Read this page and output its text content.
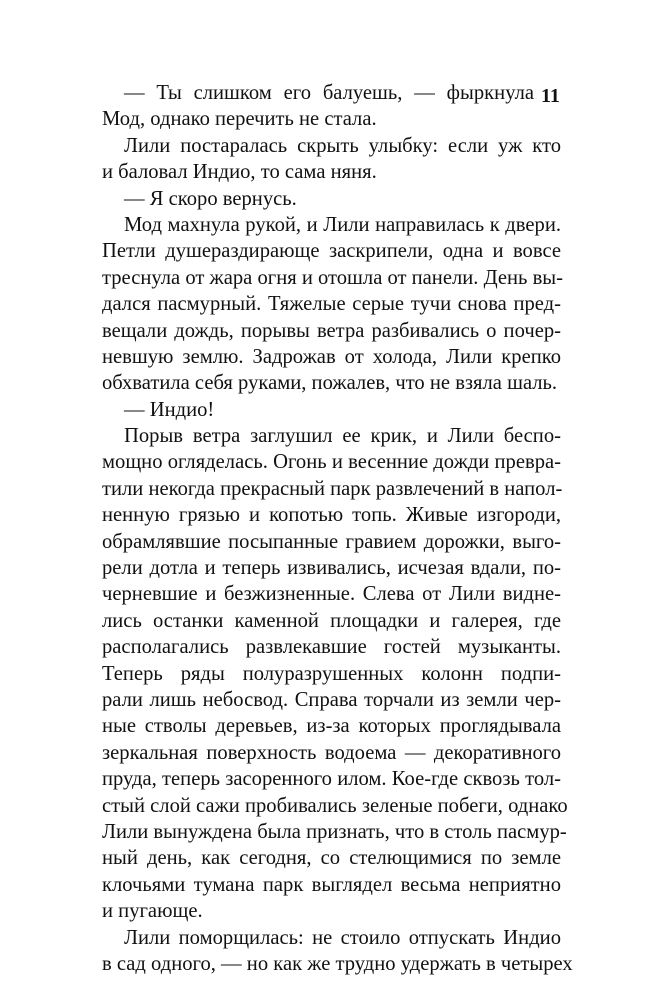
11
— Ты слишком его балуешь, — фыркнула
Мод, однако перечить не стала.
Лили постаралась скрыть улыбку: если уж кто
и баловал Индио, то сама няня.
— Я скоро вернусь.
Мод махнула рукой, и Лили направилась к двери.
Петли душераздирающе заскрипели, одна и вовсе
треснула от жара огня и отошла от панели. День вы-
дался пасмурный. Тяжелые серые тучи снова пред-
вещали дождь, порывы ветра разбивались о почер-
невшую землю. Задрожав от холода, Лили крепко
обхватила себя руками, пожалев, что не взяла шаль.
— Индио!
Порыв ветра заглушил ее крик, и Лили беспо-
мощно огляделась. Огонь и весенние дожди превра-
тили некогда прекрасный парк развлечений в напол-
ненную грязью и копотью топь. Живые изгороди,
обрамлявшие посыпанные гравием дорожки, выго-
рели дотла и теперь извивались, исчезая вдали, по-
черневшие и безжизненные. Слева от Лили видне-
лись останки каменной площадки и галерея, где
располагались развлекавшие гостей музыканты.
Теперь ряды полуразрушенных колонн подпи-
рали лишь небосвод. Справа торчали из земли чер-
ные стволы деревьев, из-за которых проглядывала
зеркальная поверхность водоема — декоративного
пруда, теперь засоренного илом. Кое-где сквозь тол-
стый слой сажи пробивались зеленые побеги, однако
Лили вынуждена была признать, что в столь пасмур-
ный день, как сегодня, со стелющимися по земле
клочьями тумана парк выглядел весьма неприятно
и пугающе.
Лили поморщилась: не стоило отпускать Индио
в сад одного, — но как же трудно удержать в четырех
